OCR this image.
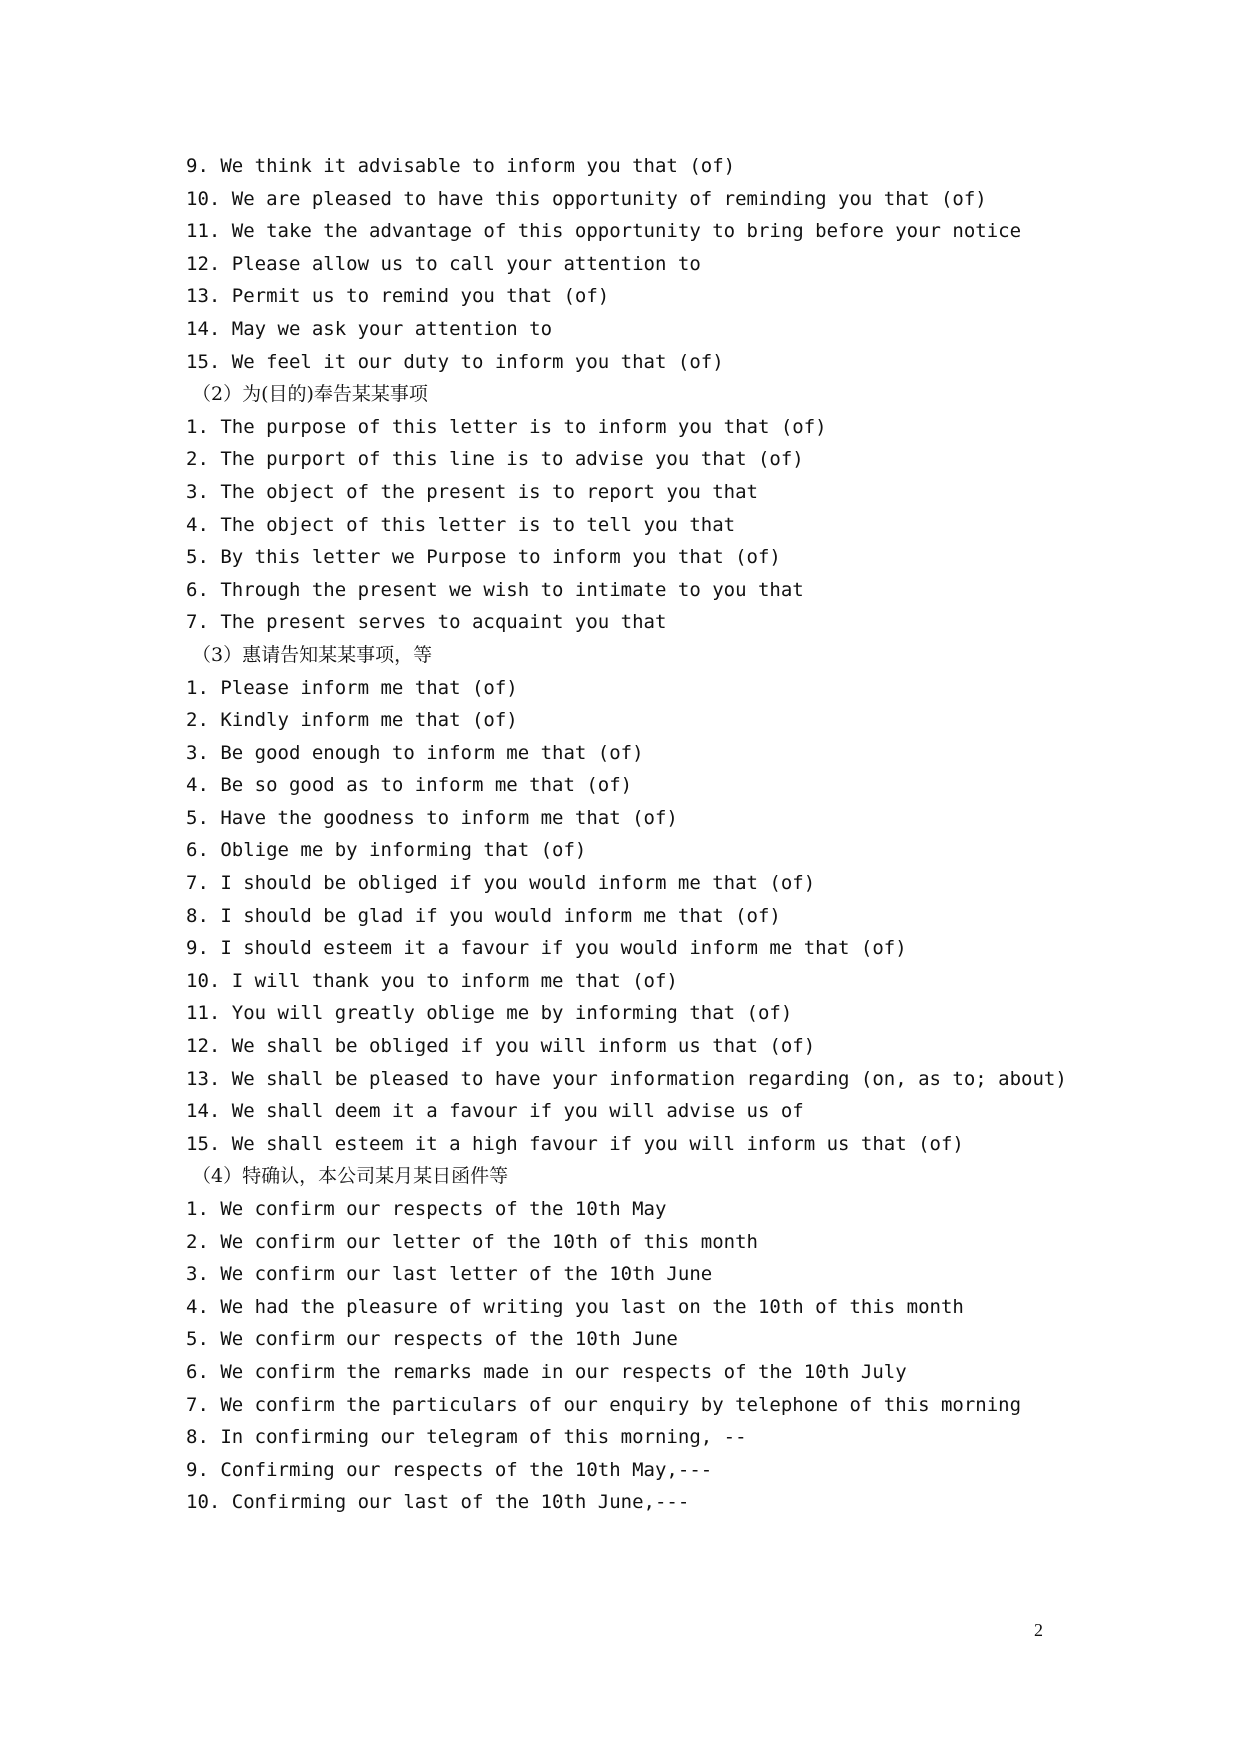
9. We think it advisable to inform you that (of)
10. We are pleased to have this opportunity of reminding you that (of)
11. We take the advantage of this opportunity to bring before your notice
12. Please allow us to call your attention to
13. Permit us to remind you that (of)
14. May we ask your attention to
15. We feel it our duty to inform you that (of)
（2）为(目的)奉告某某事项
1. The purpose of this letter is to inform you that (of)
2. The purport of this line is to advise you that (of)
3. The object of the present is to report you that
4. The object of this letter is to tell you that
5. By this letter we Purpose to inform you that (of)
6. Through the present we wish to intimate to you that
7. The present serves to acquaint you that
（3）惠请告知某某事项，等
1. Please inform me that (of)
2. Kindly inform me that (of)
3. Be good enough to inform me that (of)
4. Be so good as to inform me that (of)
5. Have the goodness to inform me that (of)
6. Oblige me by informing that (of)
7. I should be obliged if you would inform me that (of)
8. I should be glad if you would inform me that (of)
9. I should esteem it a favour if you would inform me that (of)
10. I will thank you to inform me that (of)
11. You will greatly oblige me by informing that (of)
12. We shall be obliged if you will inform us that (of)
13. We shall be pleased to have your information regarding (on, as to; about)
14. We shall deem it a favour if you will advise us of
15. We shall esteem it a high favour if you will inform us that (of)
（4）特确认，本公司某月某日函件等
1. We confirm our respects of the 10th May
2. We confirm our letter of the 10th of this month
3. We confirm our last letter of the 10th June
4. We had the pleasure of writing you last on the 10th of this month
5. We confirm our respects of the 10th June
6. We confirm the remarks made in our respects of the 10th July
7. We confirm the particulars of our enquiry by telephone of this morning
8. In confirming our telegram of this morning, --
9. Confirming our respects of the 10th May,---
10. Confirming our last of the 10th June,---
2
